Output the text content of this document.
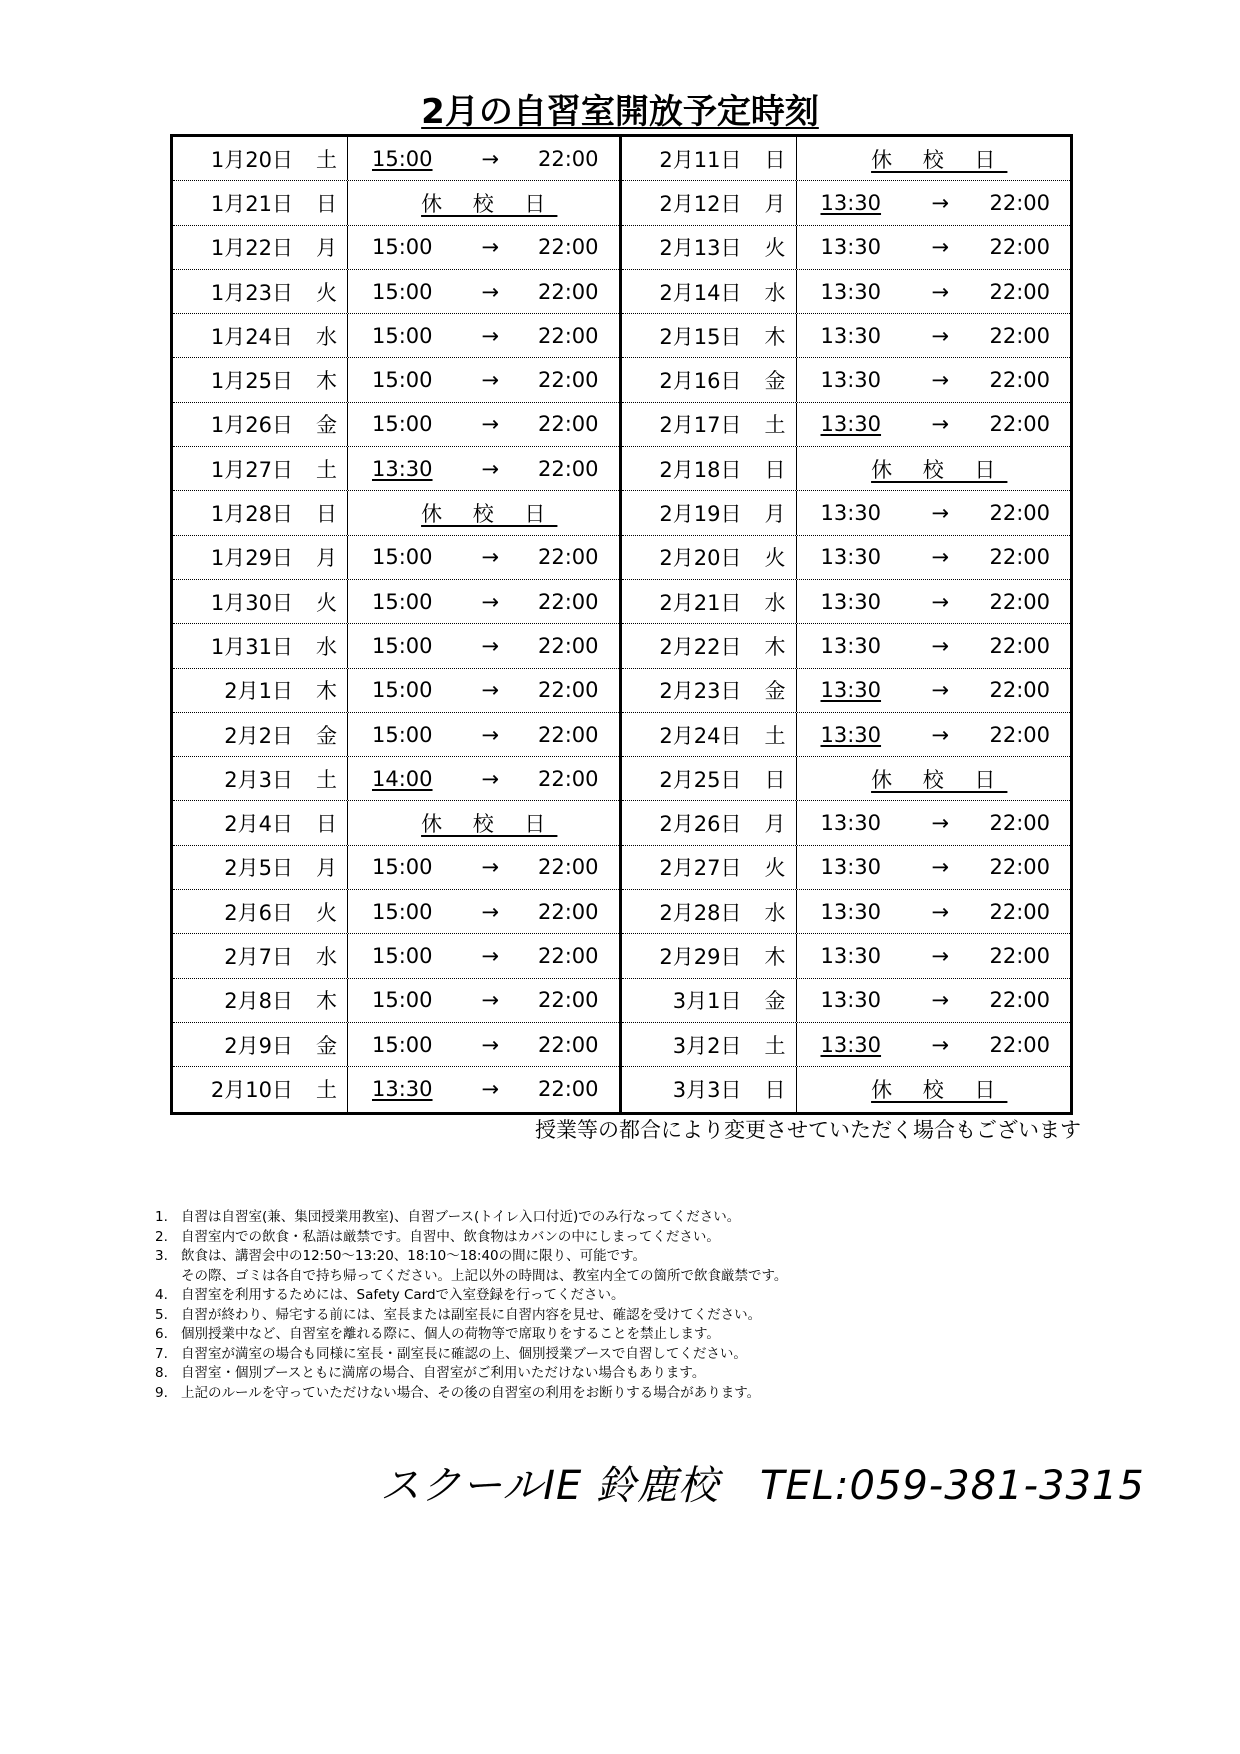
2月の自習室開放予定時刻
1月20日	土 15:00	→	22:00
1月21日	日	休 校 日
1月22日	月 15:00	→	22:00
1月23日	火 15:00	→	22:00
1月24日	水 15:00	→	22:00
1月25日	木 15:00	→	22:00
1月26日	金 15:00	→	22:00
1月27日	土 13:30	→	22:00
1月28日	日	休 校 日
1月29日	月 15:00	→	22:00
1月30日	火 15:00	→	22:00
1月31日	水 15:00	→	22:00
2月1日	木 15:00	→	22:00
2月2日	金 15:00	→	22:00
2月3日	土 14:00	→	22:00
2月4日	日	休 校 日
2月5日	月 15:00	→	22:00
2月6日	火 15:00	→	22:00
2月7日	水 15:00	→	22:00
2月8日	木 15:00	→	22:00
2月9日	金 15:00	→	22:00
2月10日	土 13:30	→	22:00
2月11日	日	休 校 日
2月12日	月 13:30	→	22:00
2月13日	火 13:30	→	22:00
2月14日	水 13:30	→	22:00
2月15日	木 13:30	→	22:00
2月16日	金 13:30	→	22:00
2月17日	土 13:30	→	22:00
2月18日	日	休 校 日
2月19日	月 13:30	→	22:00
2月20日	火 13:30	→	22:00
2月21日	水 13:30	→	22:00
2月22日	木 13:30	→	22:00
2月23日	金 13:30	→	22:00
2月24日	土 13:30	→	22:00
2月25日	日	休 校 日
2月26日	月 13:30	→	22:00
2月27日	火 13:30	→	22:00
2月28日	水 13:30	→	22:00
2月29日	木 13:30	→	22:00
3月1日	金 13:30	→	22:00
3月2日	土 13:30	→	22:00
3月3日	日	休 校 日
授業等の都合により変更させていただく場合もございます
1. 自習は自習室(兼、集団授業用教室)、自習ブース(トイレ入口付近)でのみ行なってください。
2. 自習室内での飲食・私語は厳禁です。自習中、飲食物はカバンの中にしまってください。
3. 飲食は、講習会中の12:50～13:20、18:10～18:40の間に限り、可能です。
その際、ゴミは各自で持ち帰ってください。上記以外の時間は、教室内全ての箇所で飲食厳禁です。
4. 自習室を利用するためには、Safety Cardで入室登録を行ってください。
5. 自習が終わり、帰宅する前には、室長または副室長に自習内容を見せ、確認を受けてください。
6. 個別授業中など、自習室を離れる際に、個人の荷物等で席取りをすることを禁止します。
7. 自習室が満室の場合も同様に室長・副室長に確認の上、個別授業ブースで自習してください。
8. 自習室・個別ブースともに満席の場合、自習室がご利用いただけない場合もあります。
9. 上記のルールを守っていただけない場合、その後の自習室の利用をお断りする場合があります。
スクールIE 鈴鹿校　TEL:059-381-3315
